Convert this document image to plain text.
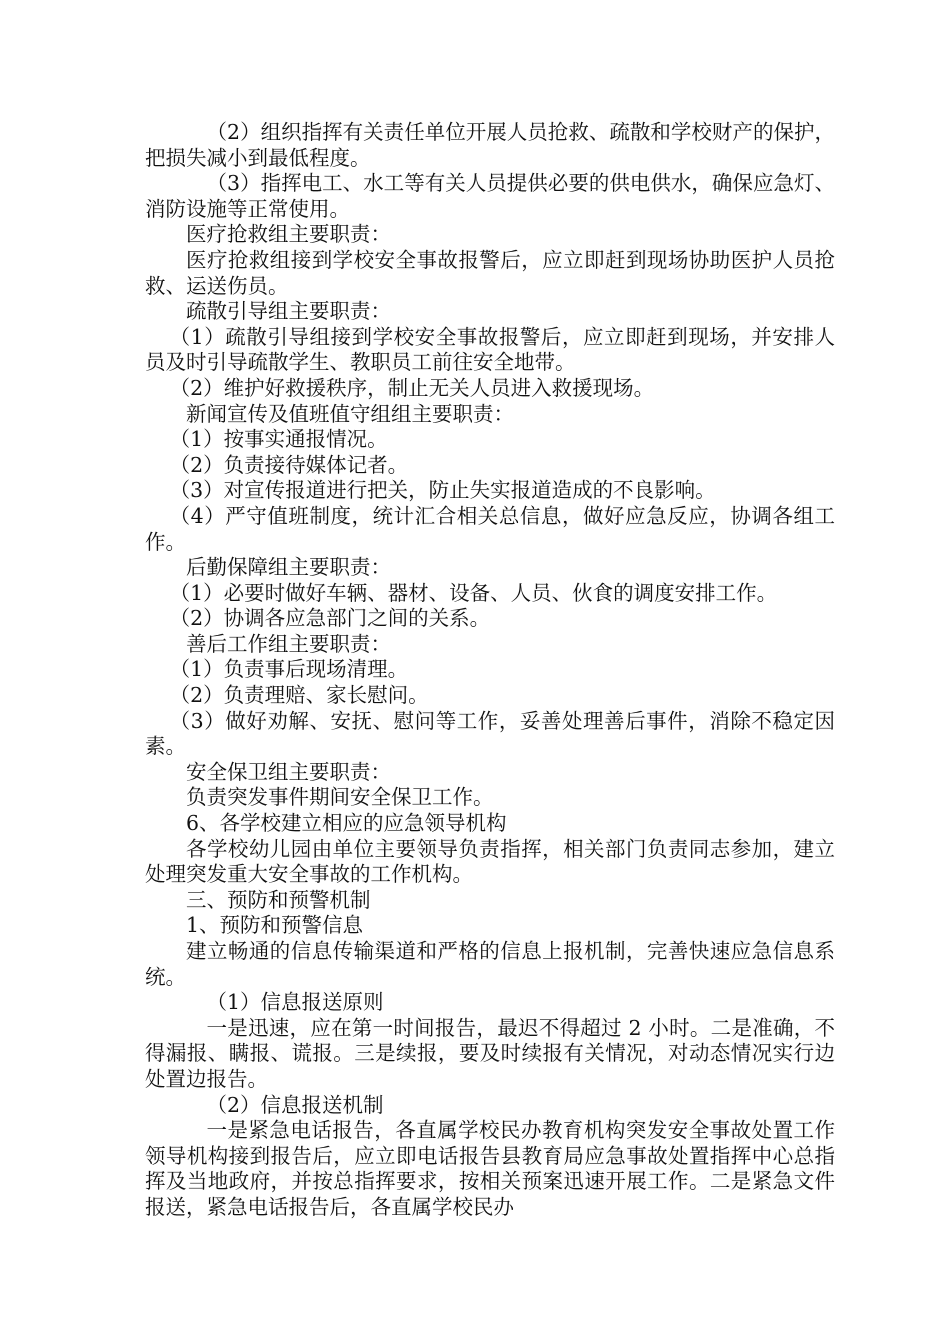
（2）组织指挥有关责任单位开展人员抢救、疏散和学校财产的保护，把损失减小到最低程度。

（3）指挥电工、水工等有关人员提供必要的供电供水，确保应急灯、消防设施等正常使用。

医疗抢救组主要职责：

医疗抢救组接到学校安全事故报警后，应立即赶到现场协助医护人员抢救、运送伤员。

疏散引导组主要职责：

（1）疏散引导组接到学校安全事故报警后，应立即赶到现场，并安排人员及时引导疏散学生、教职员工前往安全地带。

（2）维护好救援秩序，制止无关人员进入救援现场。

新闻宣传及值班值守组组主要职责：

（1）按事实通报情况。

（2）负责接待媒体记者。

（3）对宣传报道进行把关，防止失实报道造成的不良影响。

（4）严守值班制度，统计汇合相关总信息，做好应急反应，协调各组工作。

后勤保障组主要职责：

（1）必要时做好车辆、器材、设备、人员、伙食的调度安排工作。

（2）协调各应急部门之间的关系。

善后工作组主要职责：

（1）负责事后现场清理。

（2）负责理赔、家长慰问。

（3）做好劝解、安抚、慰问等工作，妥善处理善后事件，消除不稳定因素。

安全保卫组主要职责：

负责突发事件期间安全保卫工作。

6、各学校建立相应的应急领导机构

各学校幼儿园由单位主要领导负责指挥，相关部门负责同志参加，建立处理突发重大安全事故的工作机构。

三、预防和预警机制

1、预防和预警信息

建立畅通的信息传输渠道和严格的信息上报机制，完善快速应急信息系统。

（1）信息报送原则

一是迅速，应在第一时间报告，最迟不得超过 2 小时。二是准确，不得漏报、瞒报、谎报。三是续报，要及时续报有关情况，对动态情况实行边处置边报告。

（2）信息报送机制

一是紧急电话报告，各直属学校民办教育机构突发安全事故处置工作领导机构接到报告后，应立即电话报告县教育局应急事故处置指挥中心总指挥及当地政府，并按总指挥要求，按相关预案迅速开展工作。二是紧急文件报送，紧急电话报告后，各直属学校民办
